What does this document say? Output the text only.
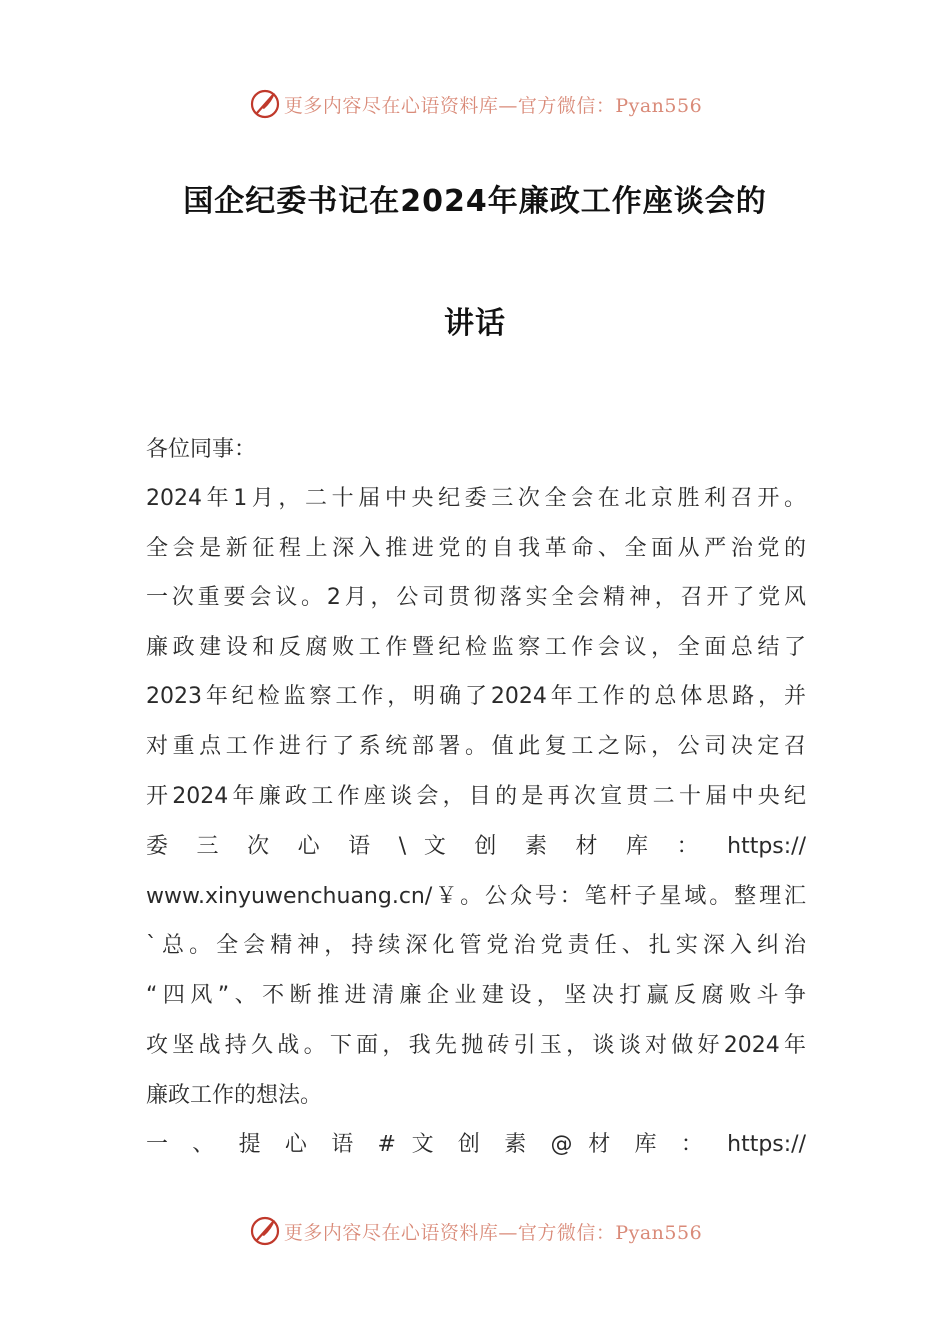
更多内容尽在心语资料库—官方微信：Pyan556
国企纪委书记在2024年廉政工作座谈会的
讲话
各位同事：
2024年1月，二十届中央纪委三次全会在北京胜利召开。
全会是新征程上深入推进党的自我革命、全面从严治党的
一次重要会议。2月，公司贯彻落实全会精神，召开了党风
廉政建设和反腐败工作暨纪检监察工作会议，全面总结了
2023年纪检监察工作，明确了2024年工作的总体思路，并
对重点工作进行了系统部署。值此复工之际，公司决定召
开2024年廉政工作座谈会，目的是再次宣贯二十届中央纪
委 三 次 心 语 \ 文 创 素 材 库 ： https://
www.xinyuwenchuang.cn/￥。公众号：笔杆子星域。整理汇
`总。全会精神，持续深化管党治党责任、扎实深入纠治
“四风”、不断推进清廉企业建设，坚决打赢反腐败斗争
攻坚战持久战。下面，我先抛砖引玉，谈谈对做好2024年
廉政工作的想法。
一 、 提 心 语 # 文 创 素 @ 材 库 ： https://
更多内容尽在心语资料库—官方微信：Pyan556
